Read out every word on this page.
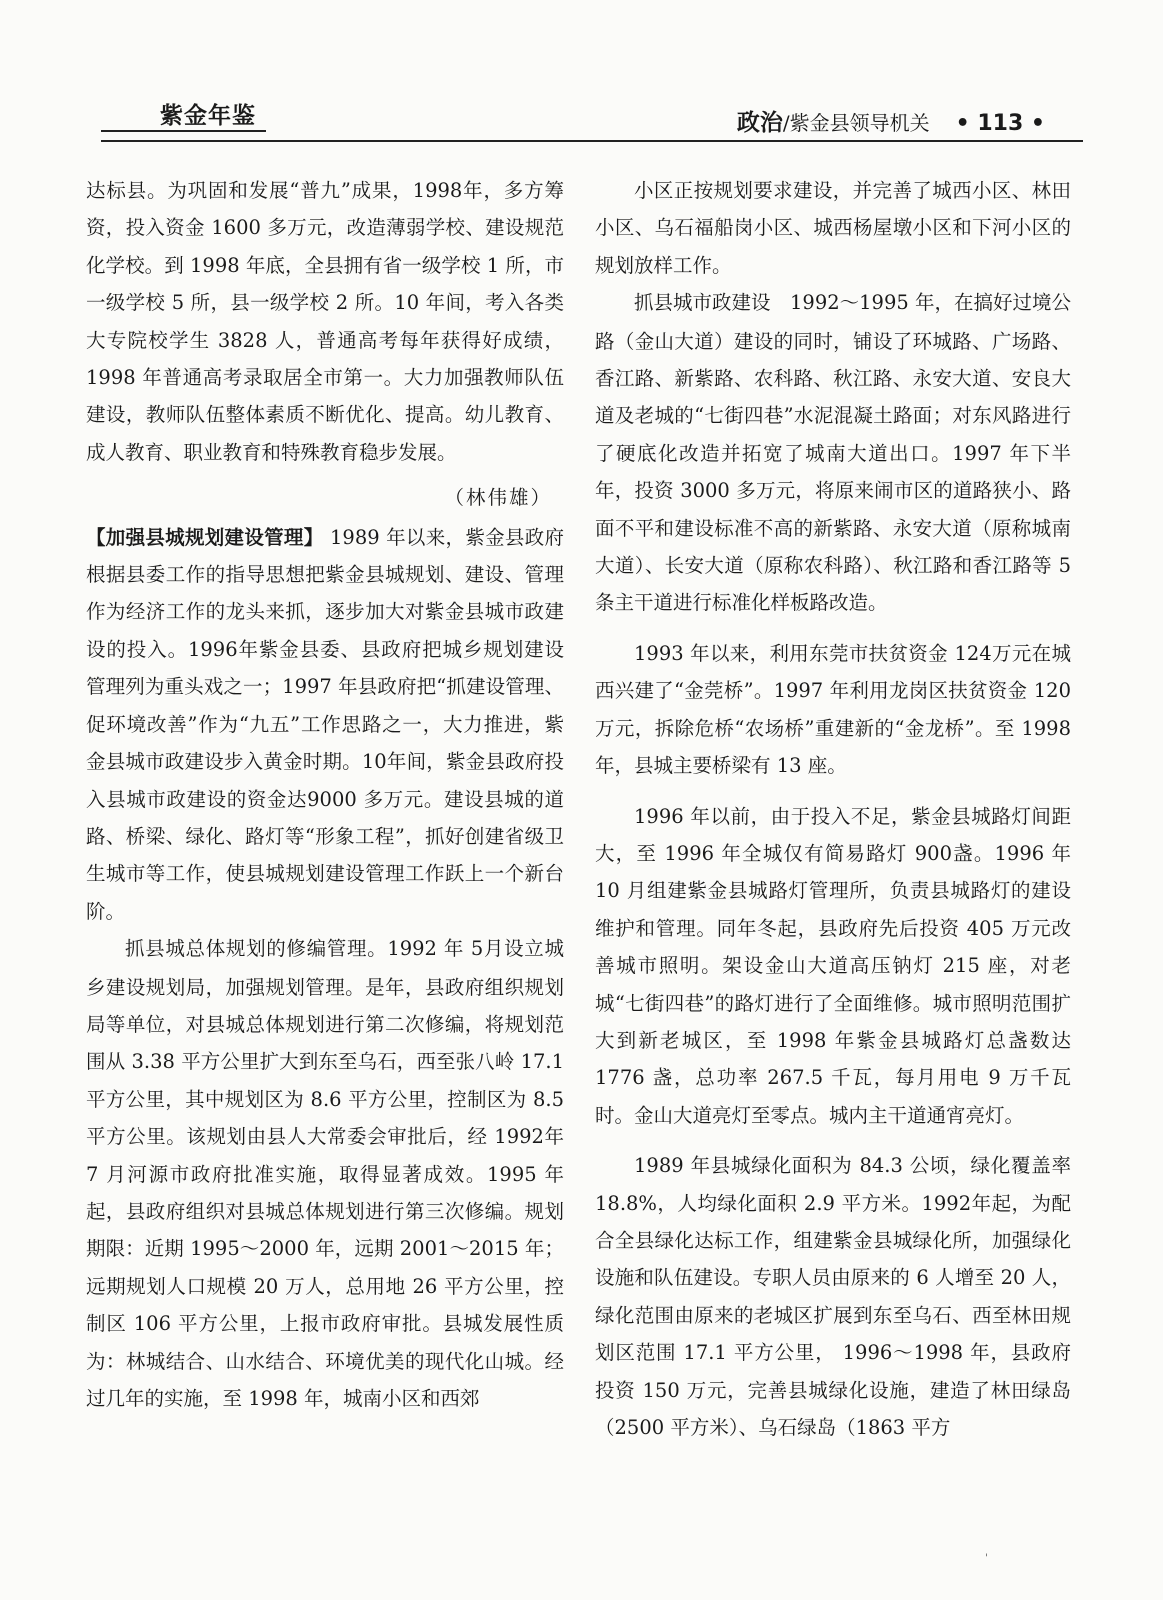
紫金年鉴	政治/紫金县领导机关 • 113 •

达标县。为巩固和发展“普九”成果，1998年，多方筹资，投入资金 1600 多万元，改造薄弱学校、建设规范化学校。到 1998 年底，全县拥有省一级学校 1 所，市一级学校 5 所，县一级学校 2 所。10 年间，考入各类大专院校学生 3828 人，普通高考每年获得好成绩，1998 年普通高考录取居全市第一。大力加强教师队伍建设，教师队伍整体素质不断优化、提高。幼儿教育、成人教育、职业教育和特殊教育稳步发展。

（林伟雄）

【加强县城规划建设管理】 1989 年以来，紫金县政府根据县委工作的指导思想把紫金县城规划、建设、管理作为经济工作的龙头来抓，逐步加大对紫金县城市政建设的投入。1996年紫金县委、县政府把城乡规划建设管理列为重头戏之一；1997 年县政府把“抓建设管理、促环境改善”作为“九五”工作思路之一，大力推进，紫金县城市政建设步入黄金时期。10年间，紫金县政府投入县城市政建设的资金达9000 多万元。建设县城的道路、桥梁、绿化、路灯等“形象工程”，抓好创建省级卫生城市等工作，使县城规划建设管理工作跃上一个新台阶。

抓县城总体规划的修编管理。1992 年 5月设立城乡建设规划局，加强规划管理。是年，县政府组织规划局等单位，对县城总体规划进行第二次修编，将规划范围从 3.38 平方公里扩大到东至乌石，西至张八岭 17.1 平方公里，其中规划区为 8.6 平方公里，控制区为 8.5 平方公里。该规划由县人大常委会审批后，经 1992年 7 月河源市政府批准实施，取得显著成效。1995 年起，县政府组织对县城总体规划进行第三次修编。规划期限：近期 1995～2000 年，远期 2001～2015 年；远期规划人口规模 20 万人，总用地 26 平方公里，控制区 106 平方公里，上报市政府审批。县城发展性质为：林城结合、山水结合、环境优美的现代化山城。经过几年的实施，至 1998 年，城南小区和西郊

小区正按规划要求建设，并完善了城西小区、林田小区、乌石福船岗小区、城西杨屋墩小区和下河小区的规划放样工作。

抓县城市政建设　1992～1995 年，在搞好过境公路（金山大道）建设的同时，铺设了环城路、广场路、香江路、新紫路、农科路、秋江路、永安大道、安良大道及老城的“七街四巷”水泥混凝土路面；对东风路进行了硬底化改造并拓宽了城南大道出口。1997 年下半年，投资 3000 多万元，将原来闹市区的道路狭小、路面不平和建设标准不高的新紫路、永安大道（原称城南大道）、长安大道（原称农科路）、秋江路和香江路等 5 条主干道进行标准化样板路改造。

1993 年以来，利用东莞市扶贫资金 124万元在城西兴建了“金莞桥”。1997 年利用龙岗区扶贫资金 120 万元，拆除危桥“农场桥”重建新的“金龙桥”。至 1998 年，县城主要桥梁有 13 座。

1996 年以前，由于投入不足，紫金县城路灯间距大，至 1996 年全城仅有简易路灯 900盏。1996 年 10 月组建紫金县城路灯管理所，负责县城路灯的建设维护和管理。同年冬起，县政府先后投资 405 万元改善城市照明。架设金山大道高压钠灯 215 座，对老城“七街四巷”的路灯进行了全面维修。城市照明范围扩大到新老城区，至 1998 年紫金县城路灯总盏数达1776 盏，总功率 267.5 千瓦，每月用电 9 万千瓦时。金山大道亮灯至零点。城内主干道通宵亮灯。

1989 年县城绿化面积为 84.3 公顷，绿化覆盖率 18.8%，人均绿化面积 2.9 平方米。1992年起，为配合全县绿化达标工作，组建紫金县城绿化所，加强绿化设施和队伍建设。专职人员由原来的 6 人增至 20 人，绿化范围由原来的老城区扩展到东至乌石、西至林田规划区范围 17.1 平方公里， 1996～1998 年，县政府投资 150 万元，完善县城绿化设施，建造了林田绿岛（2500 平方米）、乌石绿岛（1863 平方

'
